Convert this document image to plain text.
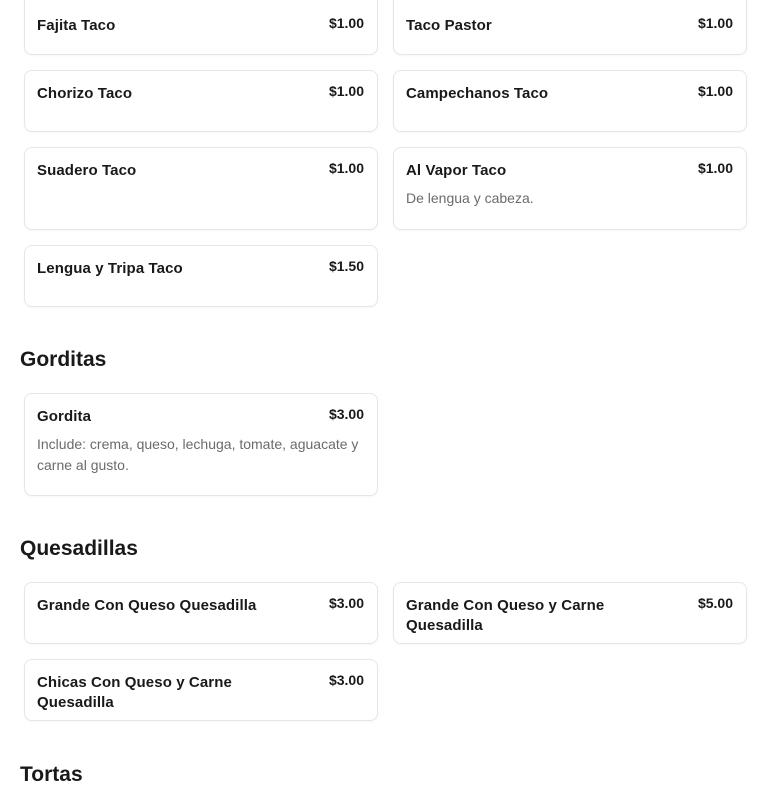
Fajita Taco	$1.00	Taco Pastor	$1.00
Chorizo Taco	$1.00	Campechanos Taco	$1.00
Suadero Taco	$1.00	Al Vapor Taco	$1.00
De lengua y cabeza.
Lengua y Tripa Taco	$1.50
Gorditas
Gordita	$3.00
Include: crema, queso, lechuga, tomate, aguacate y carne al gusto.
Quesadillas
Grande Con Queso Quesadilla	$3.00	Grande Con Queso y Carne Quesadilla
$5.00
Chicas Con Queso y Carne Quesadilla
$3.00
Tortas
